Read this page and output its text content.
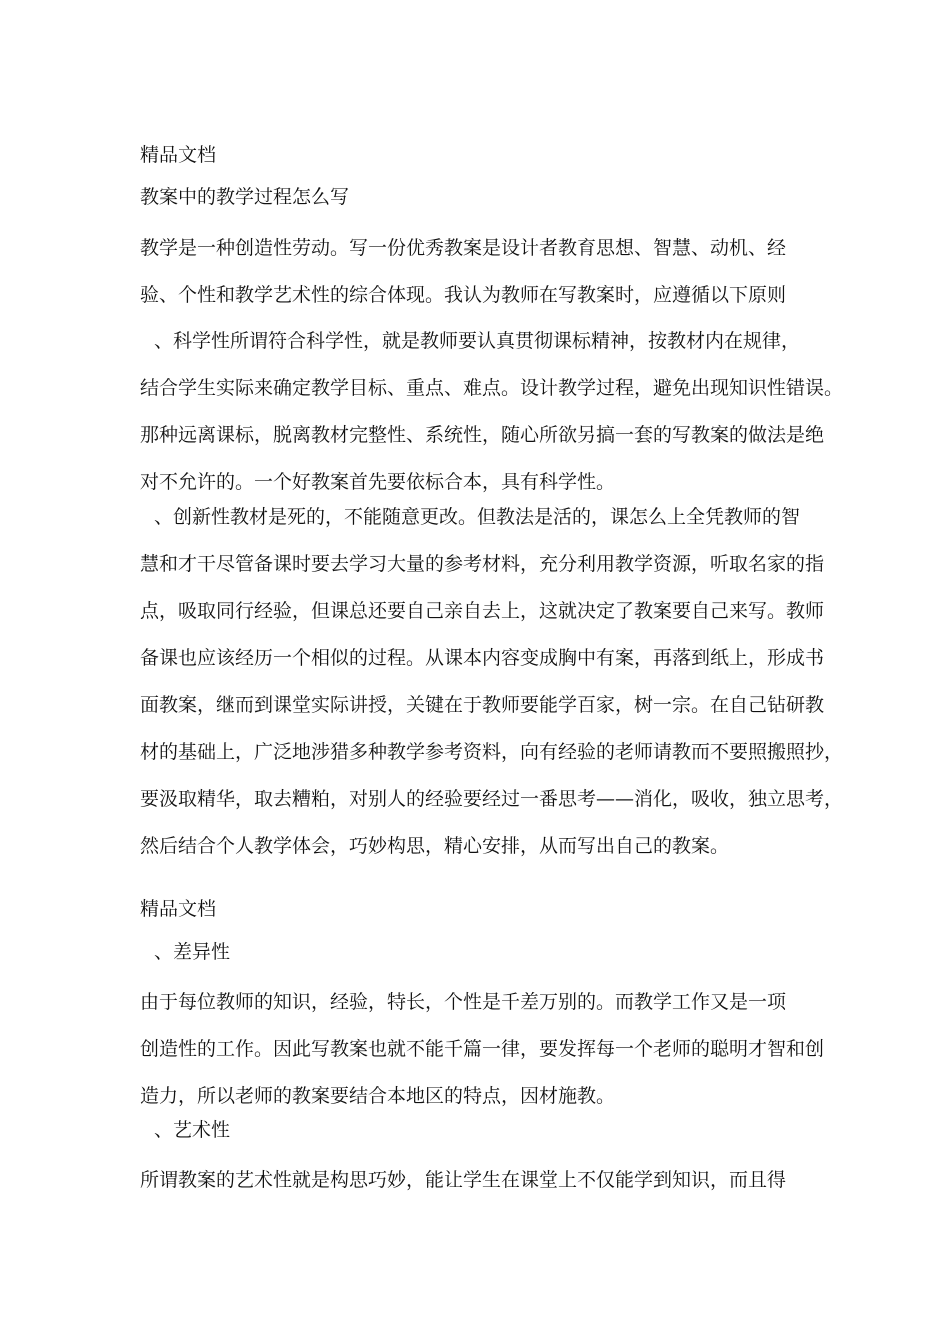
精品文档
教案中的教学过程怎么写
教学是一种创造性劳动。写一份优秀教案是设计者教育思想、智慧、动机、经
验、个性和教学艺术性的综合体现。我认为教师在写教案时，应遵循以下原则
、科学性所谓符合科学性，就是教师要认真贯彻课标精神，按教材内在规律，
结合学生实际来确定教学目标、重点、难点。设计教学过程，避免出现知识性错误。
那种远离课标，脱离教材完整性、系统性，随心所欲另搞一套的写教案的做法是绝
对不允许的。一个好教案首先要依标合本，具有科学性。
、创新性教材是死的，不能随意更改。但教法是活的，课怎么上全凭教师的智
慧和才干尽管备课时要去学习大量的参考材料，充分利用教学资源，听取名家的指
点，吸取同行经验，但课总还要自己亲自去上，这就决定了教案要自己来写。教师
备课也应该经历一个相似的过程。从课本内容变成胸中有案，再落到纸上，形成书
面教案，继而到课堂实际讲授，关键在于教师要能学百家，树一宗。在自己钻研教
材的基础上，广泛地涉猎多种教学参考资料，向有经验的老师请教而不要照搬照抄，
要汲取精华，取去糟粕，对别人的经验要经过一番思考——消化，吸收，独立思考，
然后结合个人教学体会，巧妙构思，精心安排，从而写出自己的教案。
精品文档
、差异性
由于每位教师的知识，经验，特长，个性是千差万别的。而教学工作又是一项
创造性的工作。因此写教案也就不能千篇一律，要发挥每一个老师的聪明才智和创
造力，所以老师的教案要结合本地区的特点，因材施教。
、艺术性
所谓教案的艺术性就是构思巧妙，能让学生在课堂上不仅能学到知识，而且得
